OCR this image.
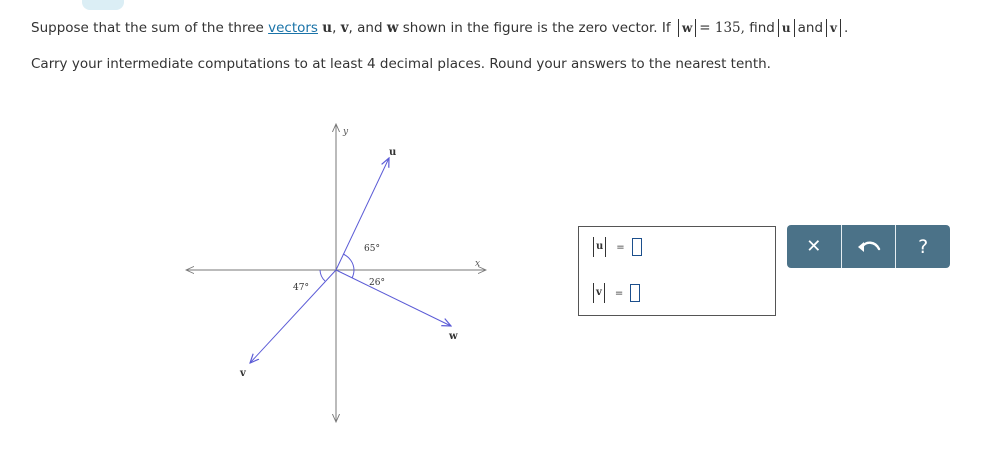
Suppose that the sum of the three
vectors
u ,
v , and
w
shown in the figure is the zero vector. If
w = 135,
find u and v .
Carry your intermediate computations to at least 4 decimal places. Round your answers to the nearest tenth.
y
x
u
w
v
65°
26°
47°
u	=
v	=
✕	?
